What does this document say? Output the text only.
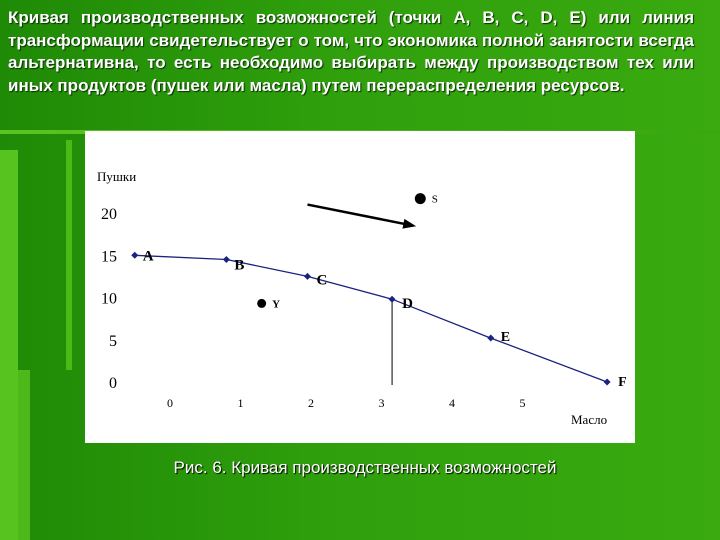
Кривая производственных возможностей (точки А, В, С, D, Е) или линия трансформации свидетельствует о том, что экономика полной занятости всегда альтернативна, то есть необходимо выбирать между производством тех или иных продуктов (пушек или масла) путем перераспределения ресурсов.

Пушки
Масло
0
5
10
15
20
0	1	2	3	4	5
A
B
C
D
E
F
S
Y

Рис. 6. Кривая производственных возможностей
